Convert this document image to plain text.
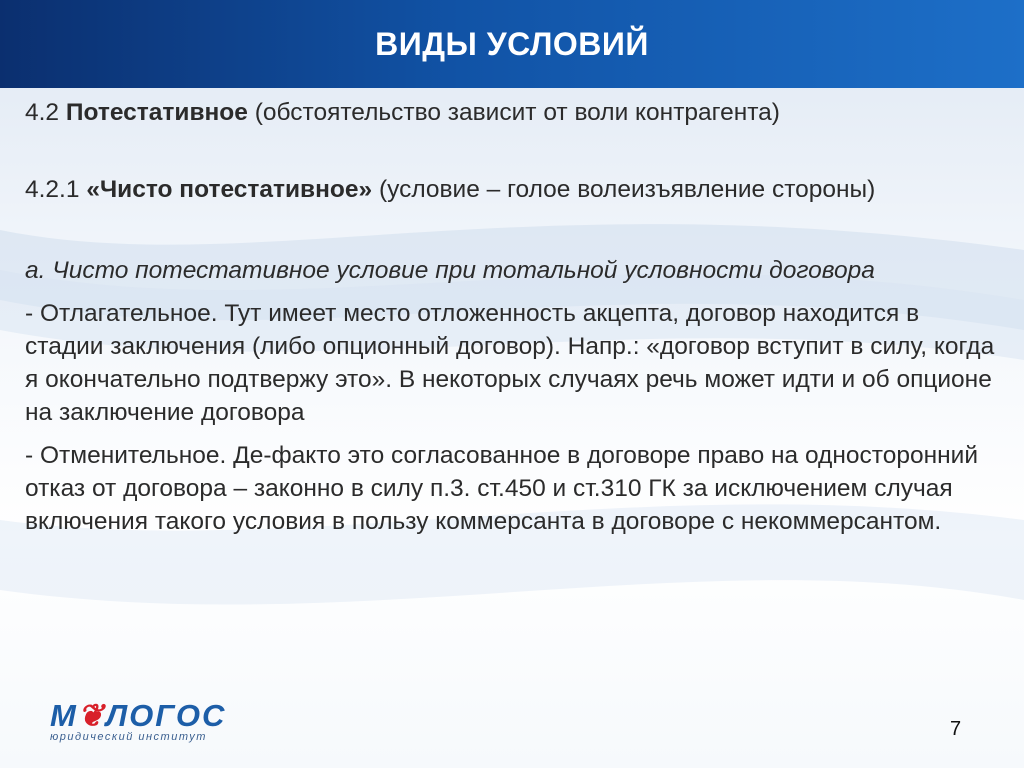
ВИДЫ УСЛОВИЙ
4.2 Потестативное (обстоятельство зависит от воли контрагента)
4.2.1 «Чисто потестативное» (условие – голое волеизъявление стороны)
а. Чисто потестативное условие при тотальной условности договора
- Отлагательное. Тут имеет место отложенность акцепта, договор находится в стадии заключения (либо опционный договор). Напр.: «договор вступит в силу, когда я окончательно подтвержу это». В некоторых случаях речь может идти и об опционе на заключение договора
- Отменительное. Де-факто это согласованное в договоре право на односторонний отказ от договора – законно в силу п.3. ст.450 и ст.310 ГК за исключением случая включения такого условия в пользу коммерсанта в договоре с некоммерсантом.
М❦ЛОГОС
юридический институт	7
